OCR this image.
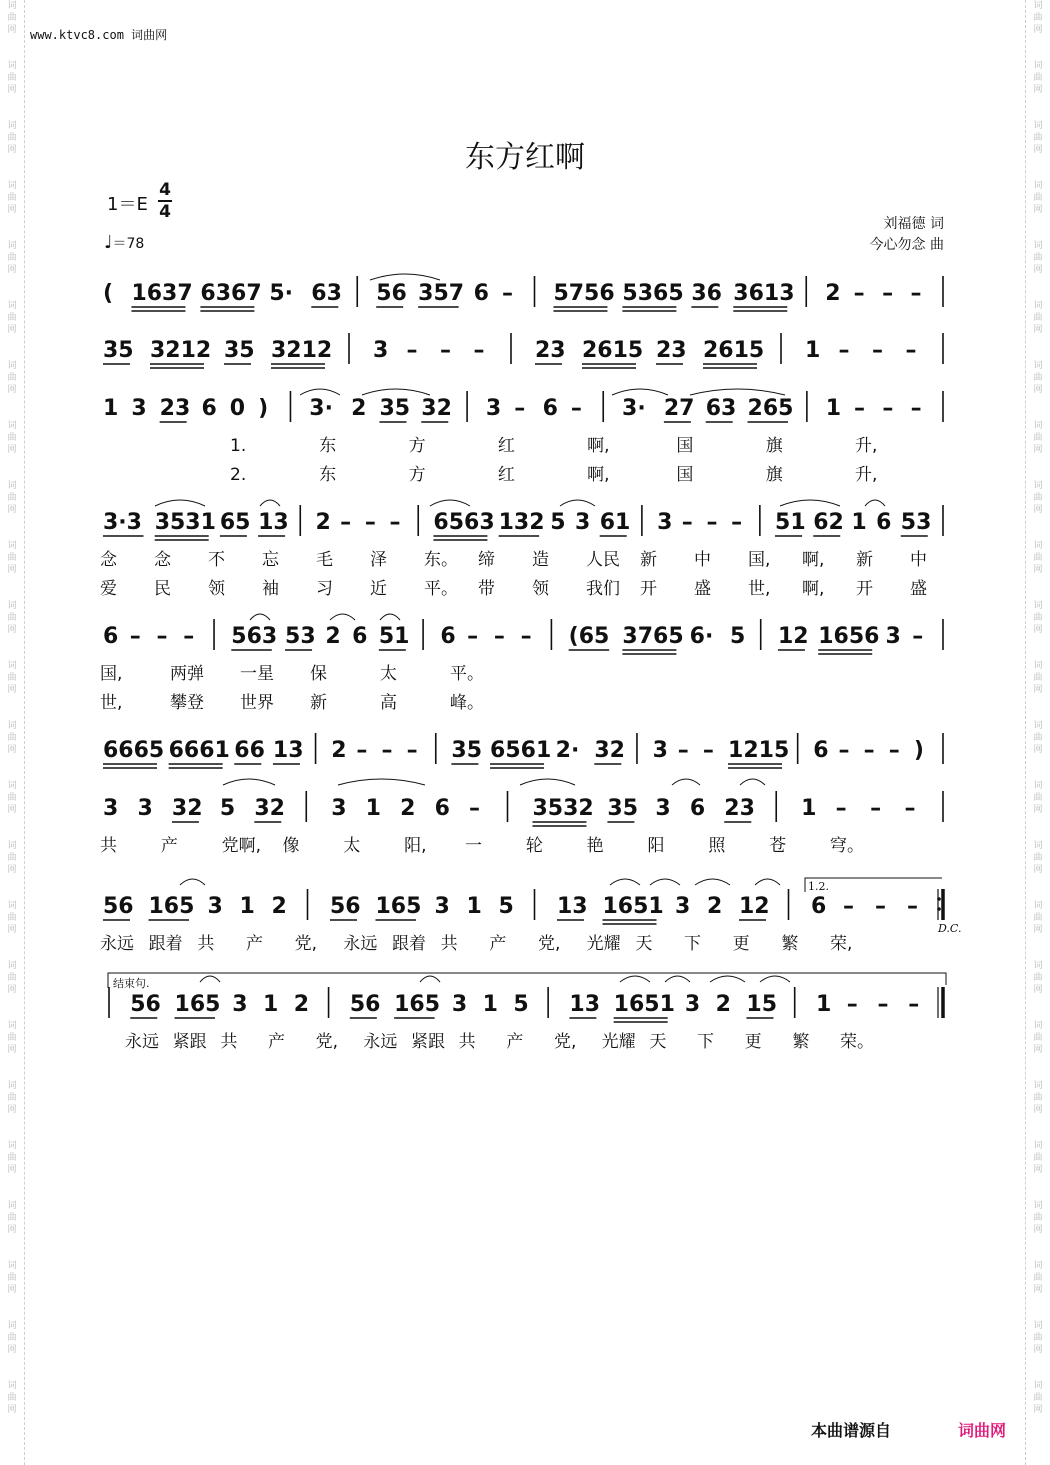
词
曲
网
词
曲
网
词
曲
网
词
曲
网
词
曲
网
词
曲
网
词
曲
网
词
曲
网
词
曲
网
词
曲
网
词
曲
网
词
曲
网
词
曲
网
词
曲
网
词
曲
网
词
曲
网
词
曲
网
词
曲
网
词
曲
网
词
曲
网
词
曲
网
词
曲
网
词
曲
网
词
曲
网
词
曲
网
词
曲
网
词
曲
网
词
曲
网
词
曲
网
词
曲
网
词
曲
网
词
曲
网
词
曲
网
词
曲
网
词
曲
网
词
曲
网
词
曲
网
词
曲
网
词
曲
网
词
曲
网
词
曲
网
词
曲
网
词
曲
网
词
曲
网
词
曲
网
词
曲
网
词
曲
网
词
曲
网
www.ktvc8.com 词曲网
东方红啊
1＝E
4
4
♩＝78
刘福德 词
今心勿念 曲
( 1637 6367 5· 63 56 357 6 – 5756 5365 36 3613 2 – – –
35 3212 35 3212 3 – – – 23 2615 23 2615 1 – – –
1 3 23 6 0 ) 3· 2 35 32 3 – 6 – 3· 27 63 265 1 – – –
1.	东	方	红	啊,	国	旗	升,
2.	东	方	红	啊,	国	旗	升,
3·3 3531 65 13 2 – – – 6563 132 5 3 61 3 – – – 51 62 1 6 53
念 念 不 忘 毛 泽 东。 缔 造 人民 新 中 国, 啊, 新 中
爱 民 领 袖 习 近 平。 带 领 我们 开 盛 世, 啊, 开 盛
6 – – – 563 53 2 6 51 6 – – – (65 3765 6· 5 12 1656 3 –
国,	两弹 一星 保	太	平。
世,	攀登 世界 新	高	峰。
6665 6661 66 13 2 – – – 35 6561 2· 32 3 – – 1215 6 – – – )
3 3 32 5 32 3 1 2 6 – 3532 35 3 6 23 1 – – –
共	产	党啊, 像	太	阳, 一	轮	艳	阳	照	苍	穹。
56 165 3 1 2 56 165 3 1 5 13 1651 3 2 12 6 – – –
永远 跟着 共 产 党, 永远 跟着 共 产 党, 光耀 天 下 更 繁 荣,
56 165 3 1 2 56 165 3 1 5 13 1651 3 2 15 1 – – –
永远 紧跟 共 产 党, 永远 紧跟 共 产 党, 光耀 天 下 更 繁 荣。
1.2.
D.C.
结束句.
本曲谱源自	词曲网
